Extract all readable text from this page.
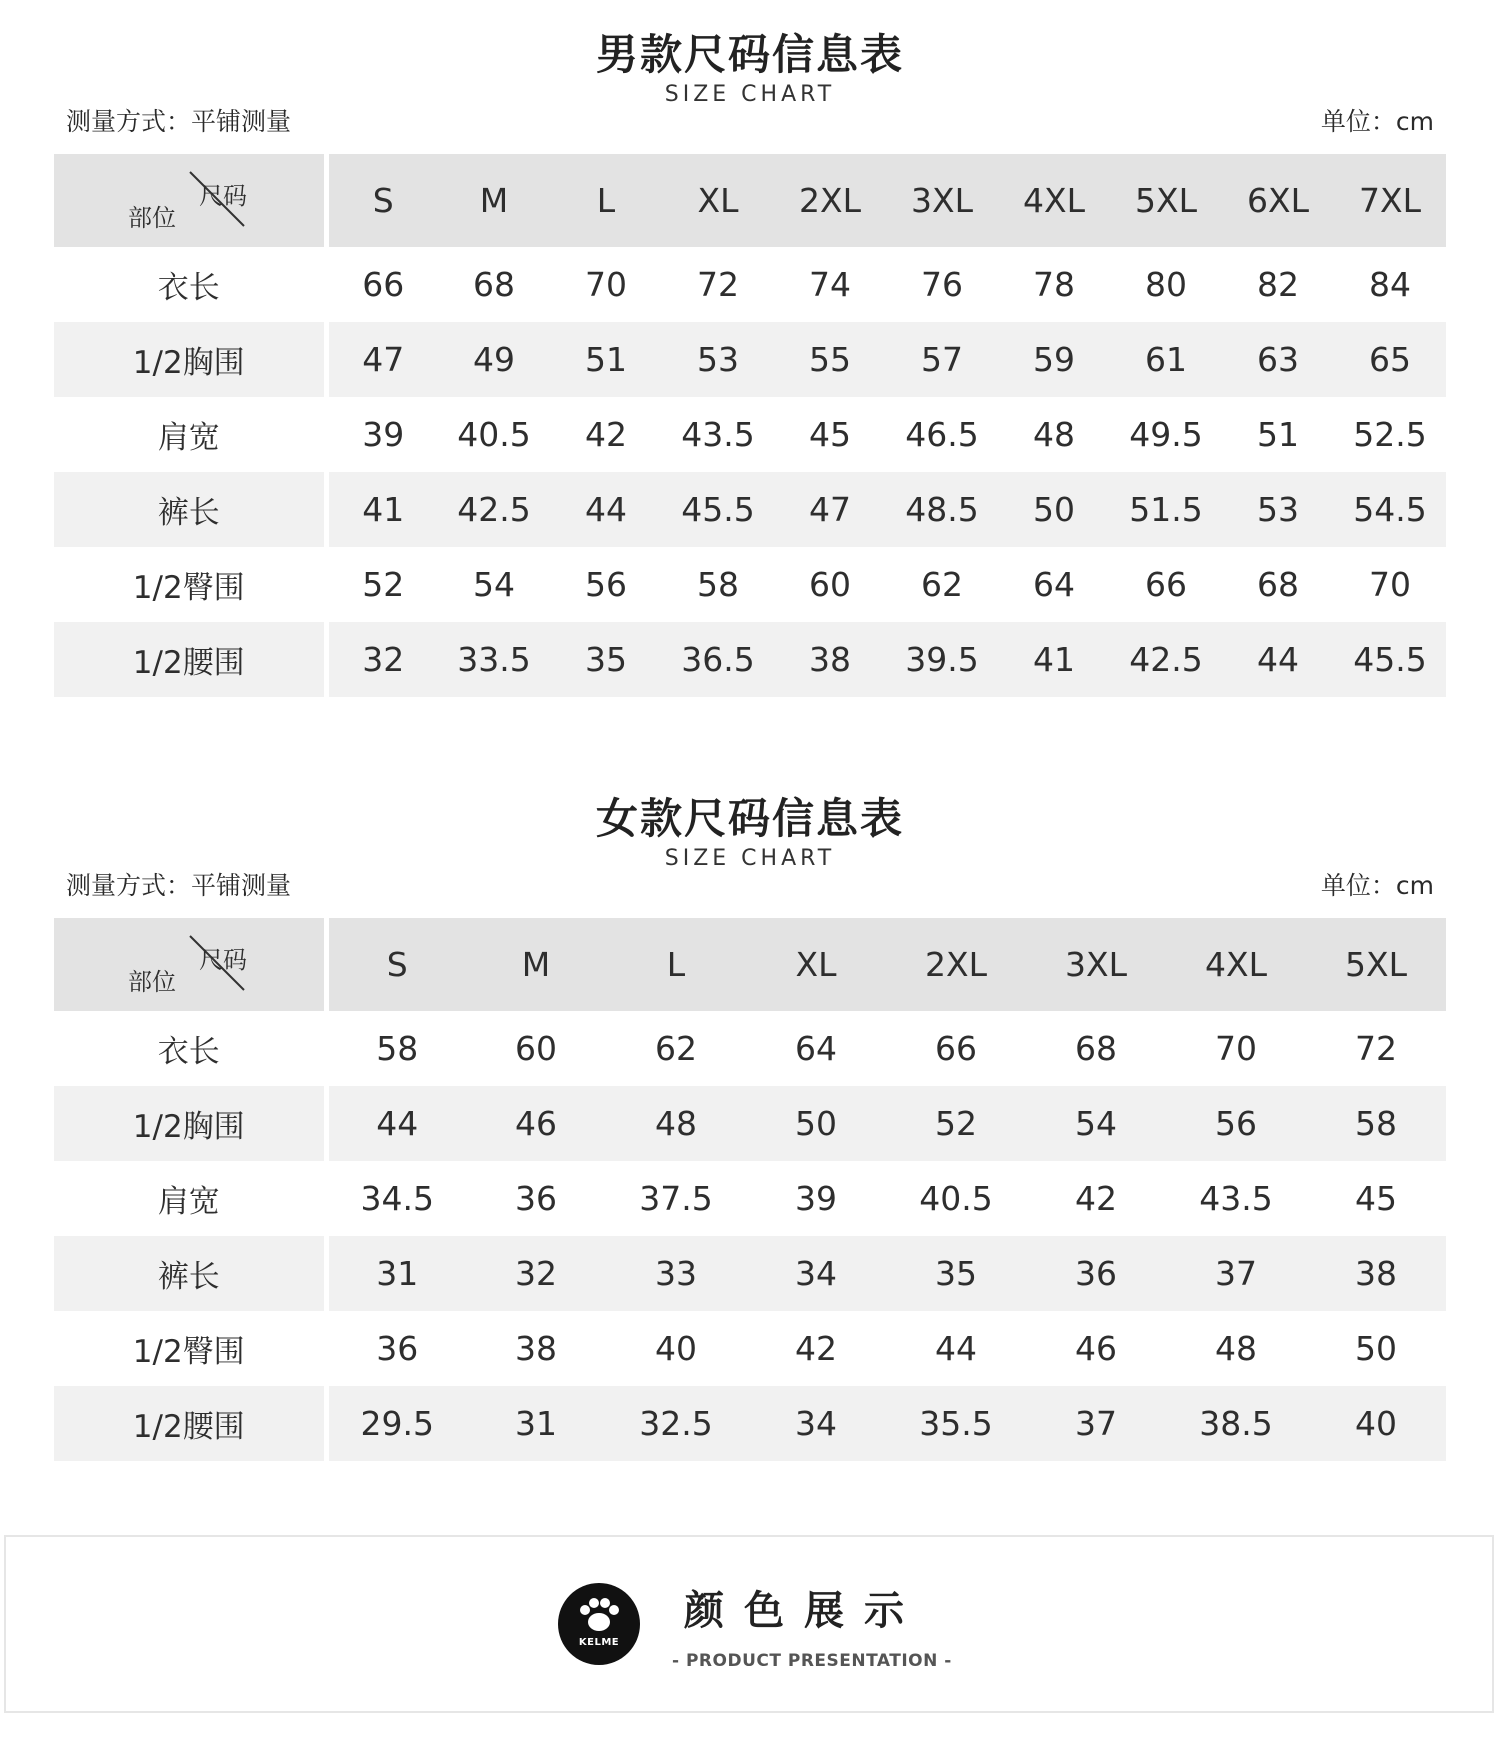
男款尺码信息表
SIZE CHART
测量方式：平铺测量	单位：cm
尺码
部位	S	M	L	XL	2XL	3XL	4XL	5XL	6XL	7XL
衣长	66	68	70	72	74	76	78	80	82	84
1/2胸围	47	49	51	53	55	57	59	61	63	65
肩宽	39	40.5	42	43.5	45	46.5	48	49.5	51	52.5
裤长	41	42.5	44	45.5	47	48.5	50	51.5	53	54.5
1/2臀围	52	54	56	58	60	62	64	66	68	70
1/2腰围	32	33.5	35	36.5	38	39.5	41	42.5	44	45.5
女款尺码信息表
SIZE CHART
测量方式：平铺测量	单位：cm
尺码
部位	S	M	L	XL	2XL	3XL	4XL	5XL
衣长	58	60	62	64	66	68	70	72
1/2胸围	44	46	48	50	52	54	56	58
肩宽	34.5	36	37.5	39	40.5	42	43.5	45
裤长	31	32	33	34	35	36	37	38
1/2臀围	36	38	40	42	44	46	48	50
1/2腰围	29.5	31	32.5	34	35.5	37	38.5	40
KELME
颜色展示
- PRODUCT PRESENTATION -
